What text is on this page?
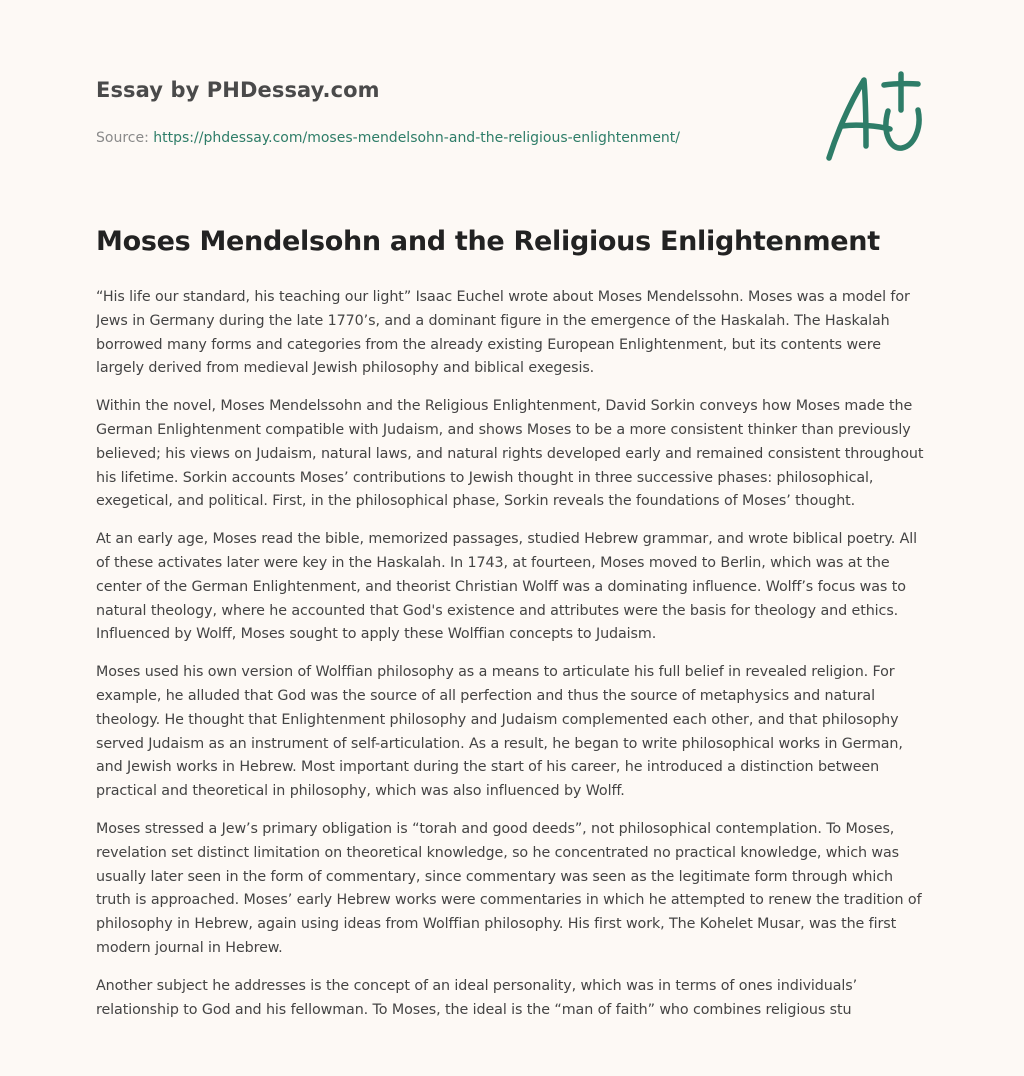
Essay by PHDessay.com
Source: https://phdessay.com/moses-mendelsohn-and-the-religious-enlightenment/
Moses Mendelsohn and the Religious Enlightenment

“His life our standard, his teaching our light” Isaac Euchel wrote about Moses Mendelssohn. Moses was a model for Jews in Germany during the late 1770’s, and a dominant figure in the emergence of the Haskalah. The Haskalah borrowed many forms and categories from the already existing European Enlightenment, but its contents were largely derived from medieval Jewish philosophy and biblical exegesis.

Within the novel, Moses Mendelssohn and the Religious Enlightenment, David Sorkin conveys how Moses made the German Enlightenment compatible with Judaism, and shows Moses to be a more consistent thinker than previously believed; his views on Judaism, natural laws, and natural rights developed early and remained consistent throughout his lifetime. Sorkin accounts Moses’ contributions to Jewish thought in three successive phases: philosophical, exegetical, and political. First, in the philosophical phase, Sorkin reveals the foundations of Moses’ thought.

At an early age, Moses read the bible, memorized passages, studied Hebrew grammar, and wrote biblical poetry. All of these activates later were key in the Haskalah. In 1743, at fourteen, Moses moved to Berlin, which was at the center of the German Enlightenment, and theorist Christian Wolff was a dominating influence. Wolff’s focus was to natural theology, where he accounted that God's existence and attributes were the basis for theology and ethics. Influenced by Wolff, Moses sought to apply these Wolffian concepts to Judaism.

Moses used his own version of Wolffian philosophy as a means to articulate his full belief in revealed religion. For example, he alluded that God was the source of all perfection and thus the source of metaphysics and natural theology. He thought that Enlightenment philosophy and Judaism complemented each other, and that philosophy served Judaism as an instrument of self-articulation. As a result, he began to write philosophical works in German, and Jewish works in Hebrew. Most important during the start of his career, he introduced a distinction between practical and theoretical in philosophy, which was also influenced by Wolff.

Moses stressed a Jew’s primary obligation is “torah and good deeds”, not philosophical contemplation. To Moses, revelation set distinct limitation on theoretical knowledge, so he concentrated no practical knowledge, which was usually later seen in the form of commentary, since commentary was seen as the legitimate form through which truth is approached. Moses’ early Hebrew works were commentaries in which he attempted to renew the tradition of philosophy in Hebrew, again using ideas from Wolffian philosophy. His first work, The Kohelet Musar, was the first modern journal in Hebrew.

Another subject he addresses is the concept of an ideal personality, which was in terms of ones individuals’ relationship to God and his fellowman. To Moses, the ideal is the “man of faith” who combines religious stu
